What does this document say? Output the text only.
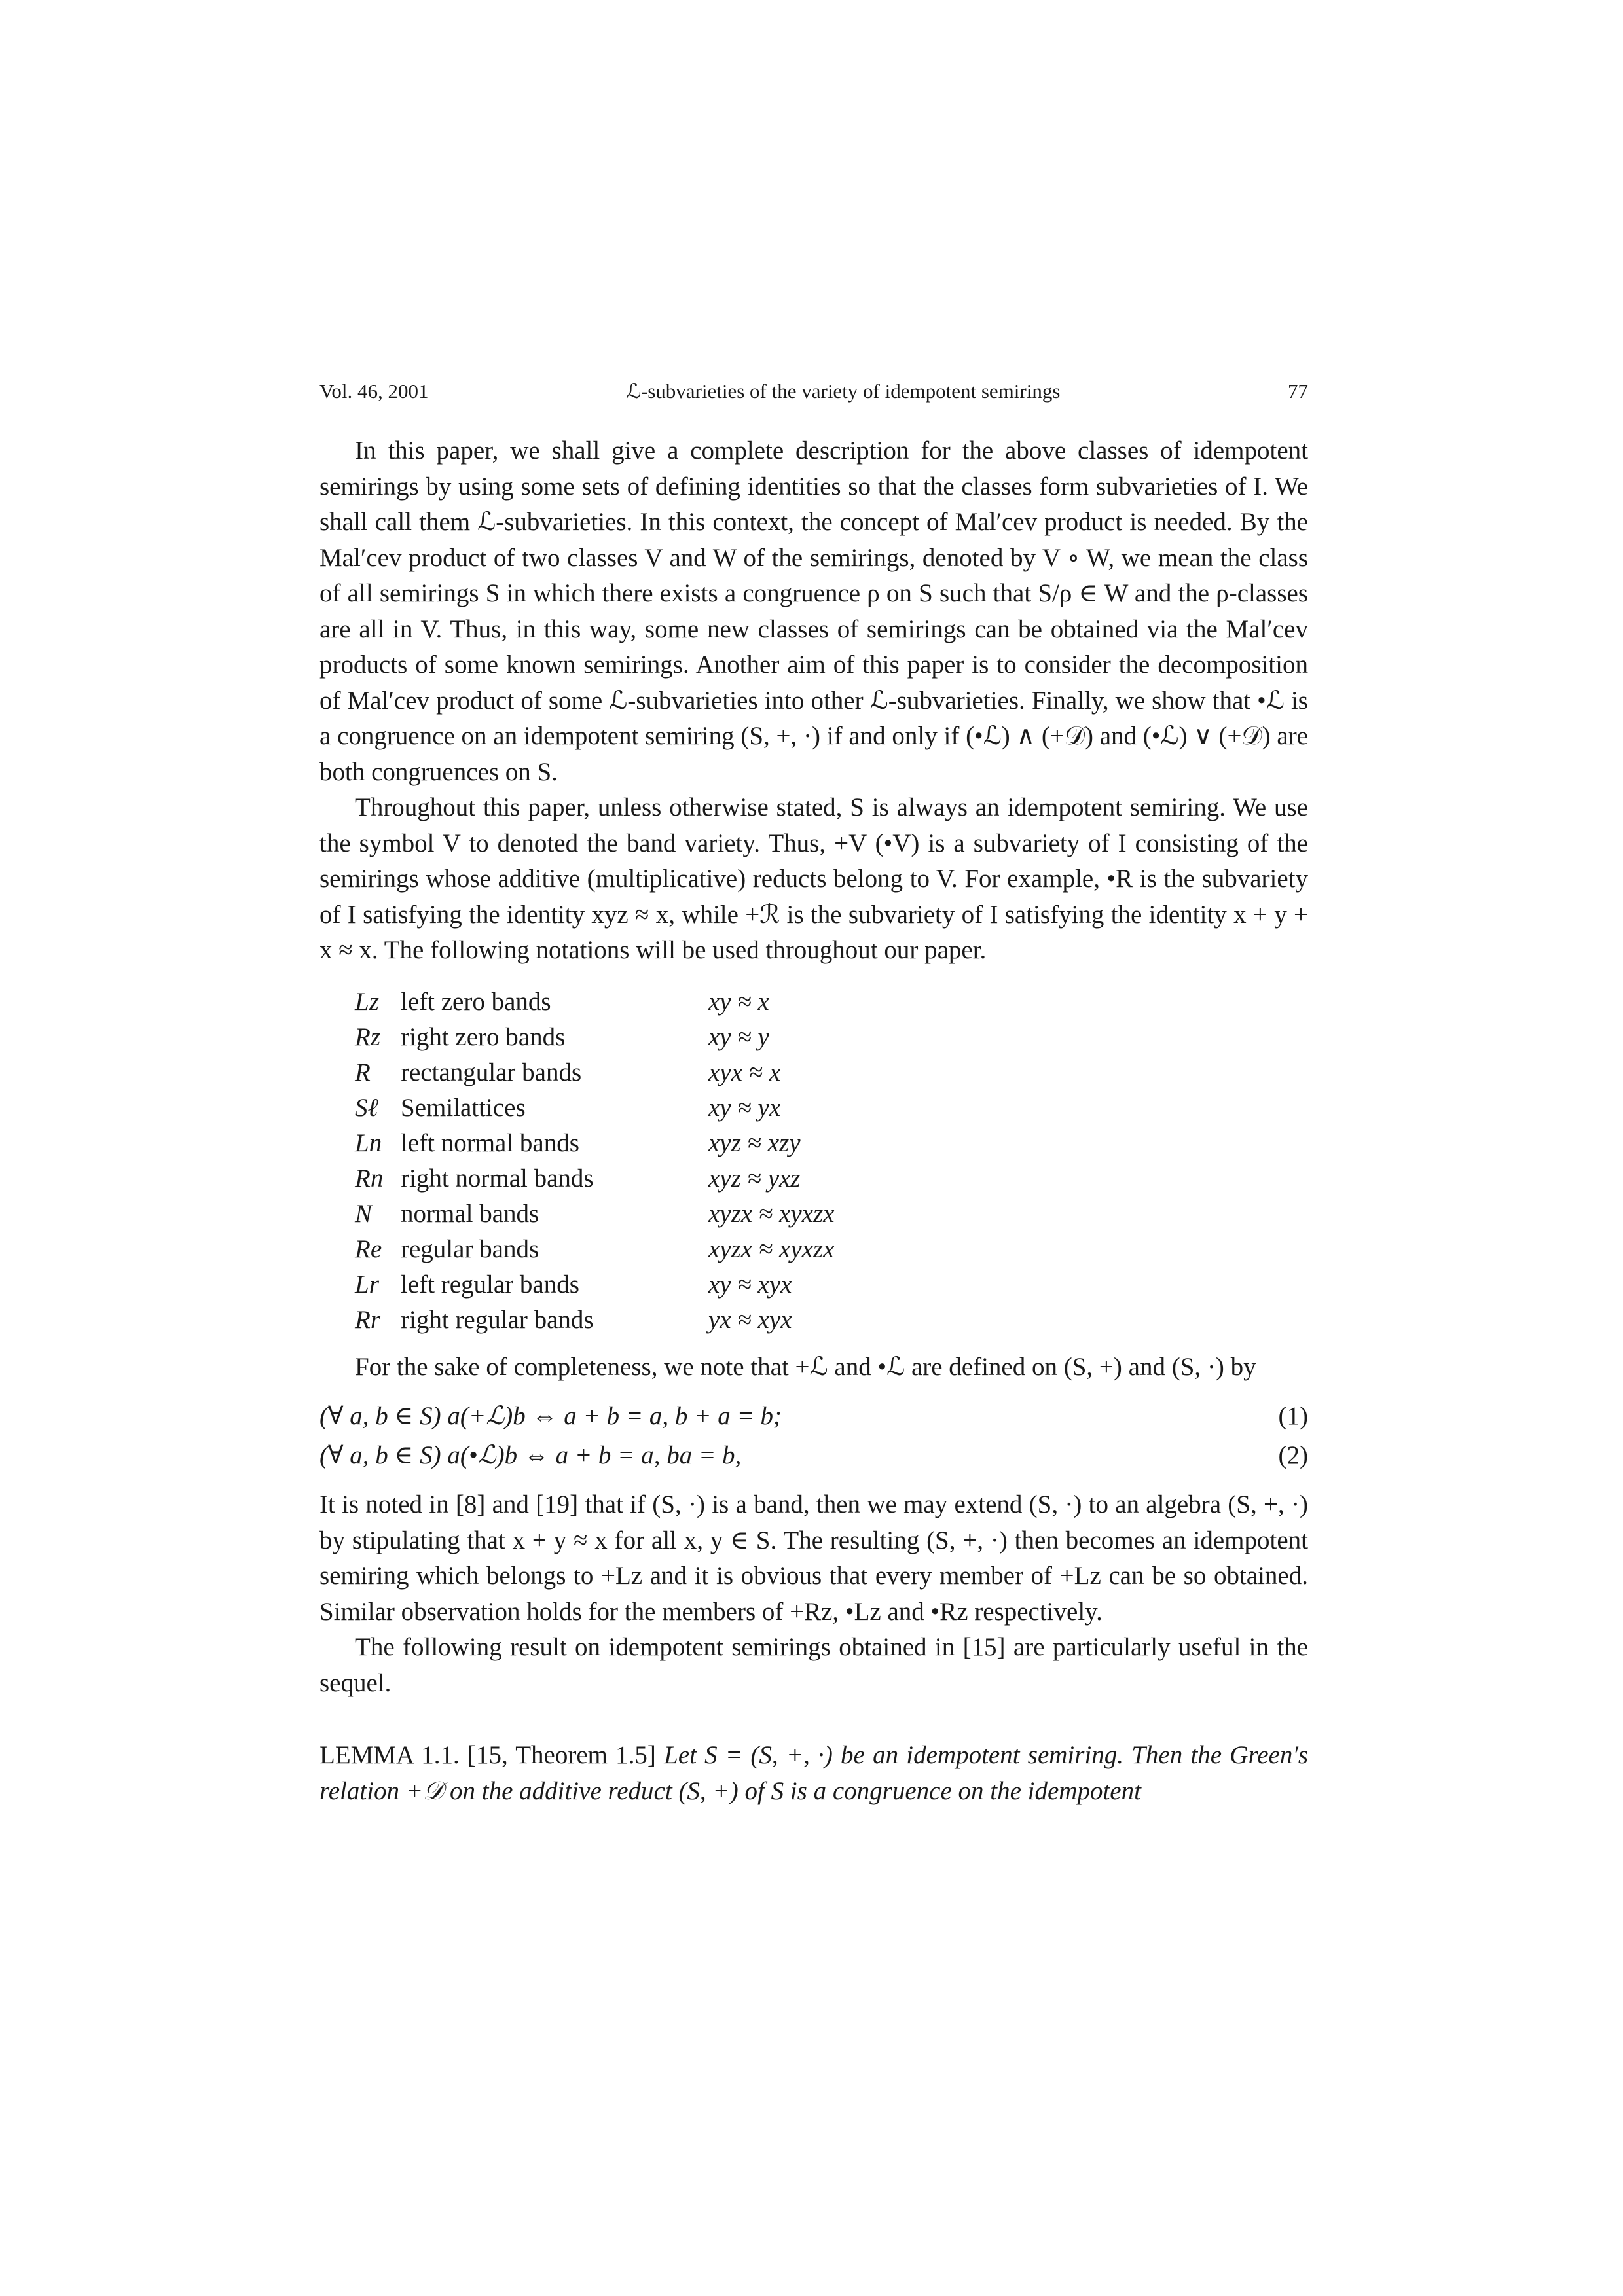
Vol. 46, 2001	ℒ-subvarieties of the variety of idempotent semirings	77

In this paper, we shall give a complete description for the above classes of idempotent semirings by using some sets of defining identities so that the classes form subvarieties of I. We shall call them ℒ-subvarieties. In this context, the concept of Mal′cev product is needed. By the Mal′cev product of two classes V and W of the semirings, denoted by V ∘ W, we mean the class of all semirings S in which there exists a congruence ρ on S such that S/ρ ∈ W and the ρ-classes are all in V. Thus, in this way, some new classes of semirings can be obtained via the Mal′cev products of some known semirings. Another aim of this paper is to consider the decomposition of Mal′cev product of some ℒ-subvarieties into other ℒ-subvarieties. Finally, we show that •ℒ is a congruence on an idempotent semiring (S, +, ·) if and only if (•ℒ) ∧ (+𝒟) and (•ℒ) ∨ (+𝒟) are both congruences on S.

Throughout this paper, unless otherwise stated, S is always an idempotent semiring. We use the symbol V to denoted the band variety. Thus, +V (•V) is a subvariety of I consisting of the semirings whose additive (multiplicative) reducts belong to V. For example, •R is the subvariety of I satisfying the identity xyz ≈ x, while +ℛ is the subvariety of I satisfying the identity x + y + x ≈ x. The following notations will be used throughout our paper.

Lz	left zero bands	xy ≈ x
Rz	right zero bands	xy ≈ y
R	rectangular bands	xyx ≈ x
Sℓ	Semilattices	xy ≈ yx
Ln	left normal bands	xyz ≈ xzy
Rn	right normal bands	xyz ≈ yxz
N	normal bands	xyzx ≈ xyxzx
Re	regular bands	xyzx ≈ xyxzx
Lr	left regular bands	xy ≈ xyx
Rr	right regular bands	yx ≈ xyx

For the sake of completeness, we note that +ℒ and •ℒ are defined on (S, +) and (S, ·) by

(∀ a, b ∈ S) a(+ℒ)b ⇔ a + b = a, b + a = b;	(1)
(∀ a, b ∈ S) a(•ℒ)b ⇔ a + b = a, ba = b,	(2)

It is noted in [8] and [19] that if (S, ·) is a band, then we may extend (S, ·) to an algebra (S, +, ·) by stipulating that x + y ≈ x for all x, y ∈ S. The resulting (S, +, ·) then becomes an idempotent semiring which belongs to +Lz and it is obvious that every member of +Lz can be so obtained. Similar observation holds for the members of +Rz, •Lz and •Rz respectively.

The following result on idempotent semirings obtained in [15] are particularly useful in the sequel.

LEMMA 1.1. [15, Theorem 1.5] Let S = (S, +, ·) be an idempotent semiring. Then the Green′s relation +𝒟 on the additive reduct (S, +) of S is a congruence on the idempotent
